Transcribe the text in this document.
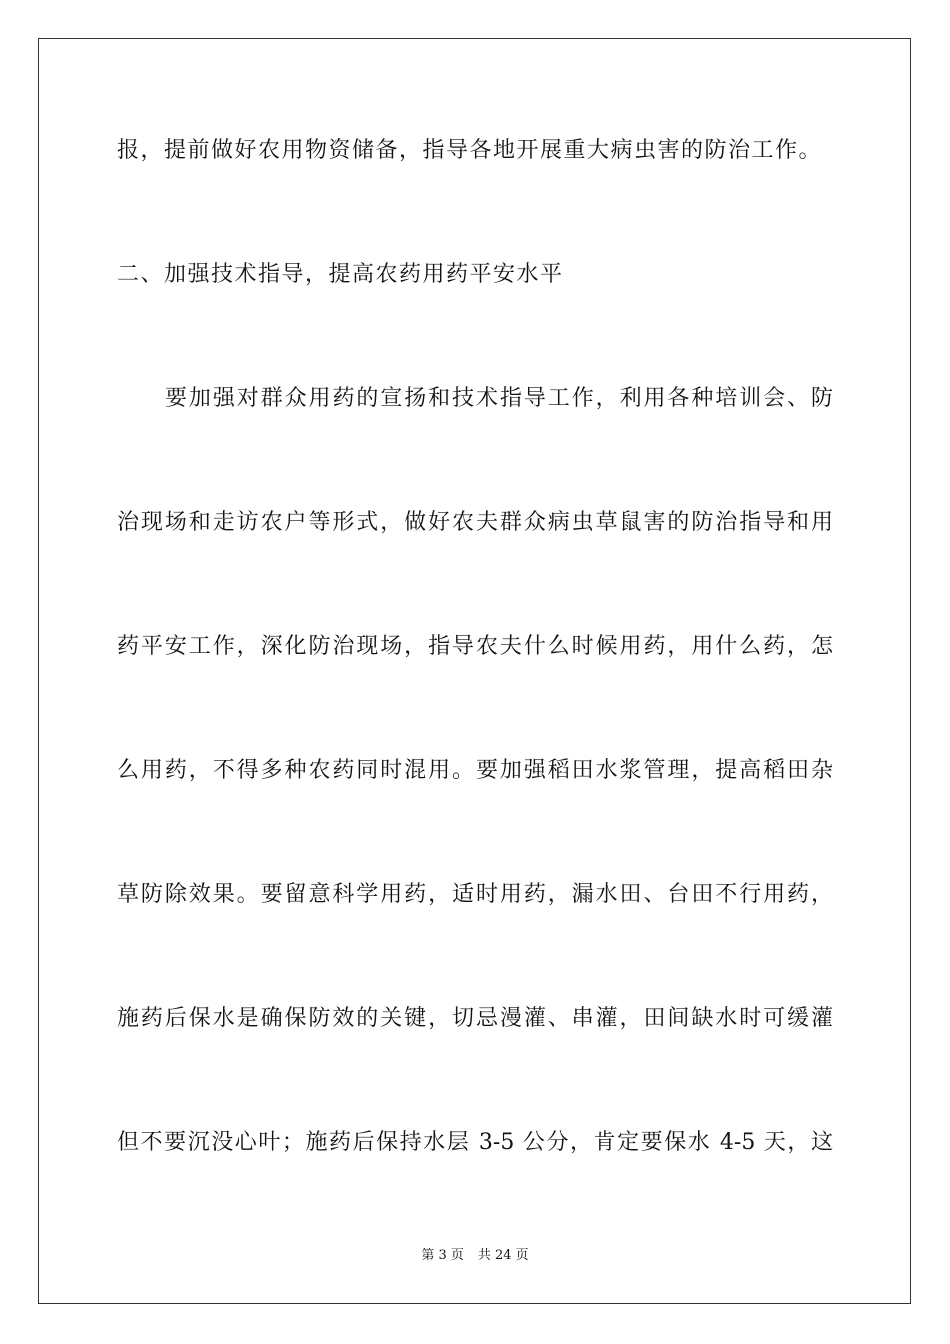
报，提前做好农用物资储备，指导各地开展重大病虫害的防治工作。
二、加强技术指导，提高农药用药平安水平
要加强对群众用药的宣扬和技术指导工作，利用各种培训会、防
治现场和走访农户等形式，做好农夫群众病虫草鼠害的防治指导和用
药平安工作，深化防治现场，指导农夫什么时候用药，用什么药，怎
么用药，不得多种农药同时混用。要加强稻田水浆管理，提高稻田杂
草防除效果。要留意科学用药，适时用药，漏水田、台田不行用药，
施药后保水是确保防效的关键，切忌漫灌、串灌，田间缺水时可缓灌
但不要沉没心叶；施药后保持水层 3-5 公分，肯定要保水 4-5 天，这
第 3 页 共 24 页
